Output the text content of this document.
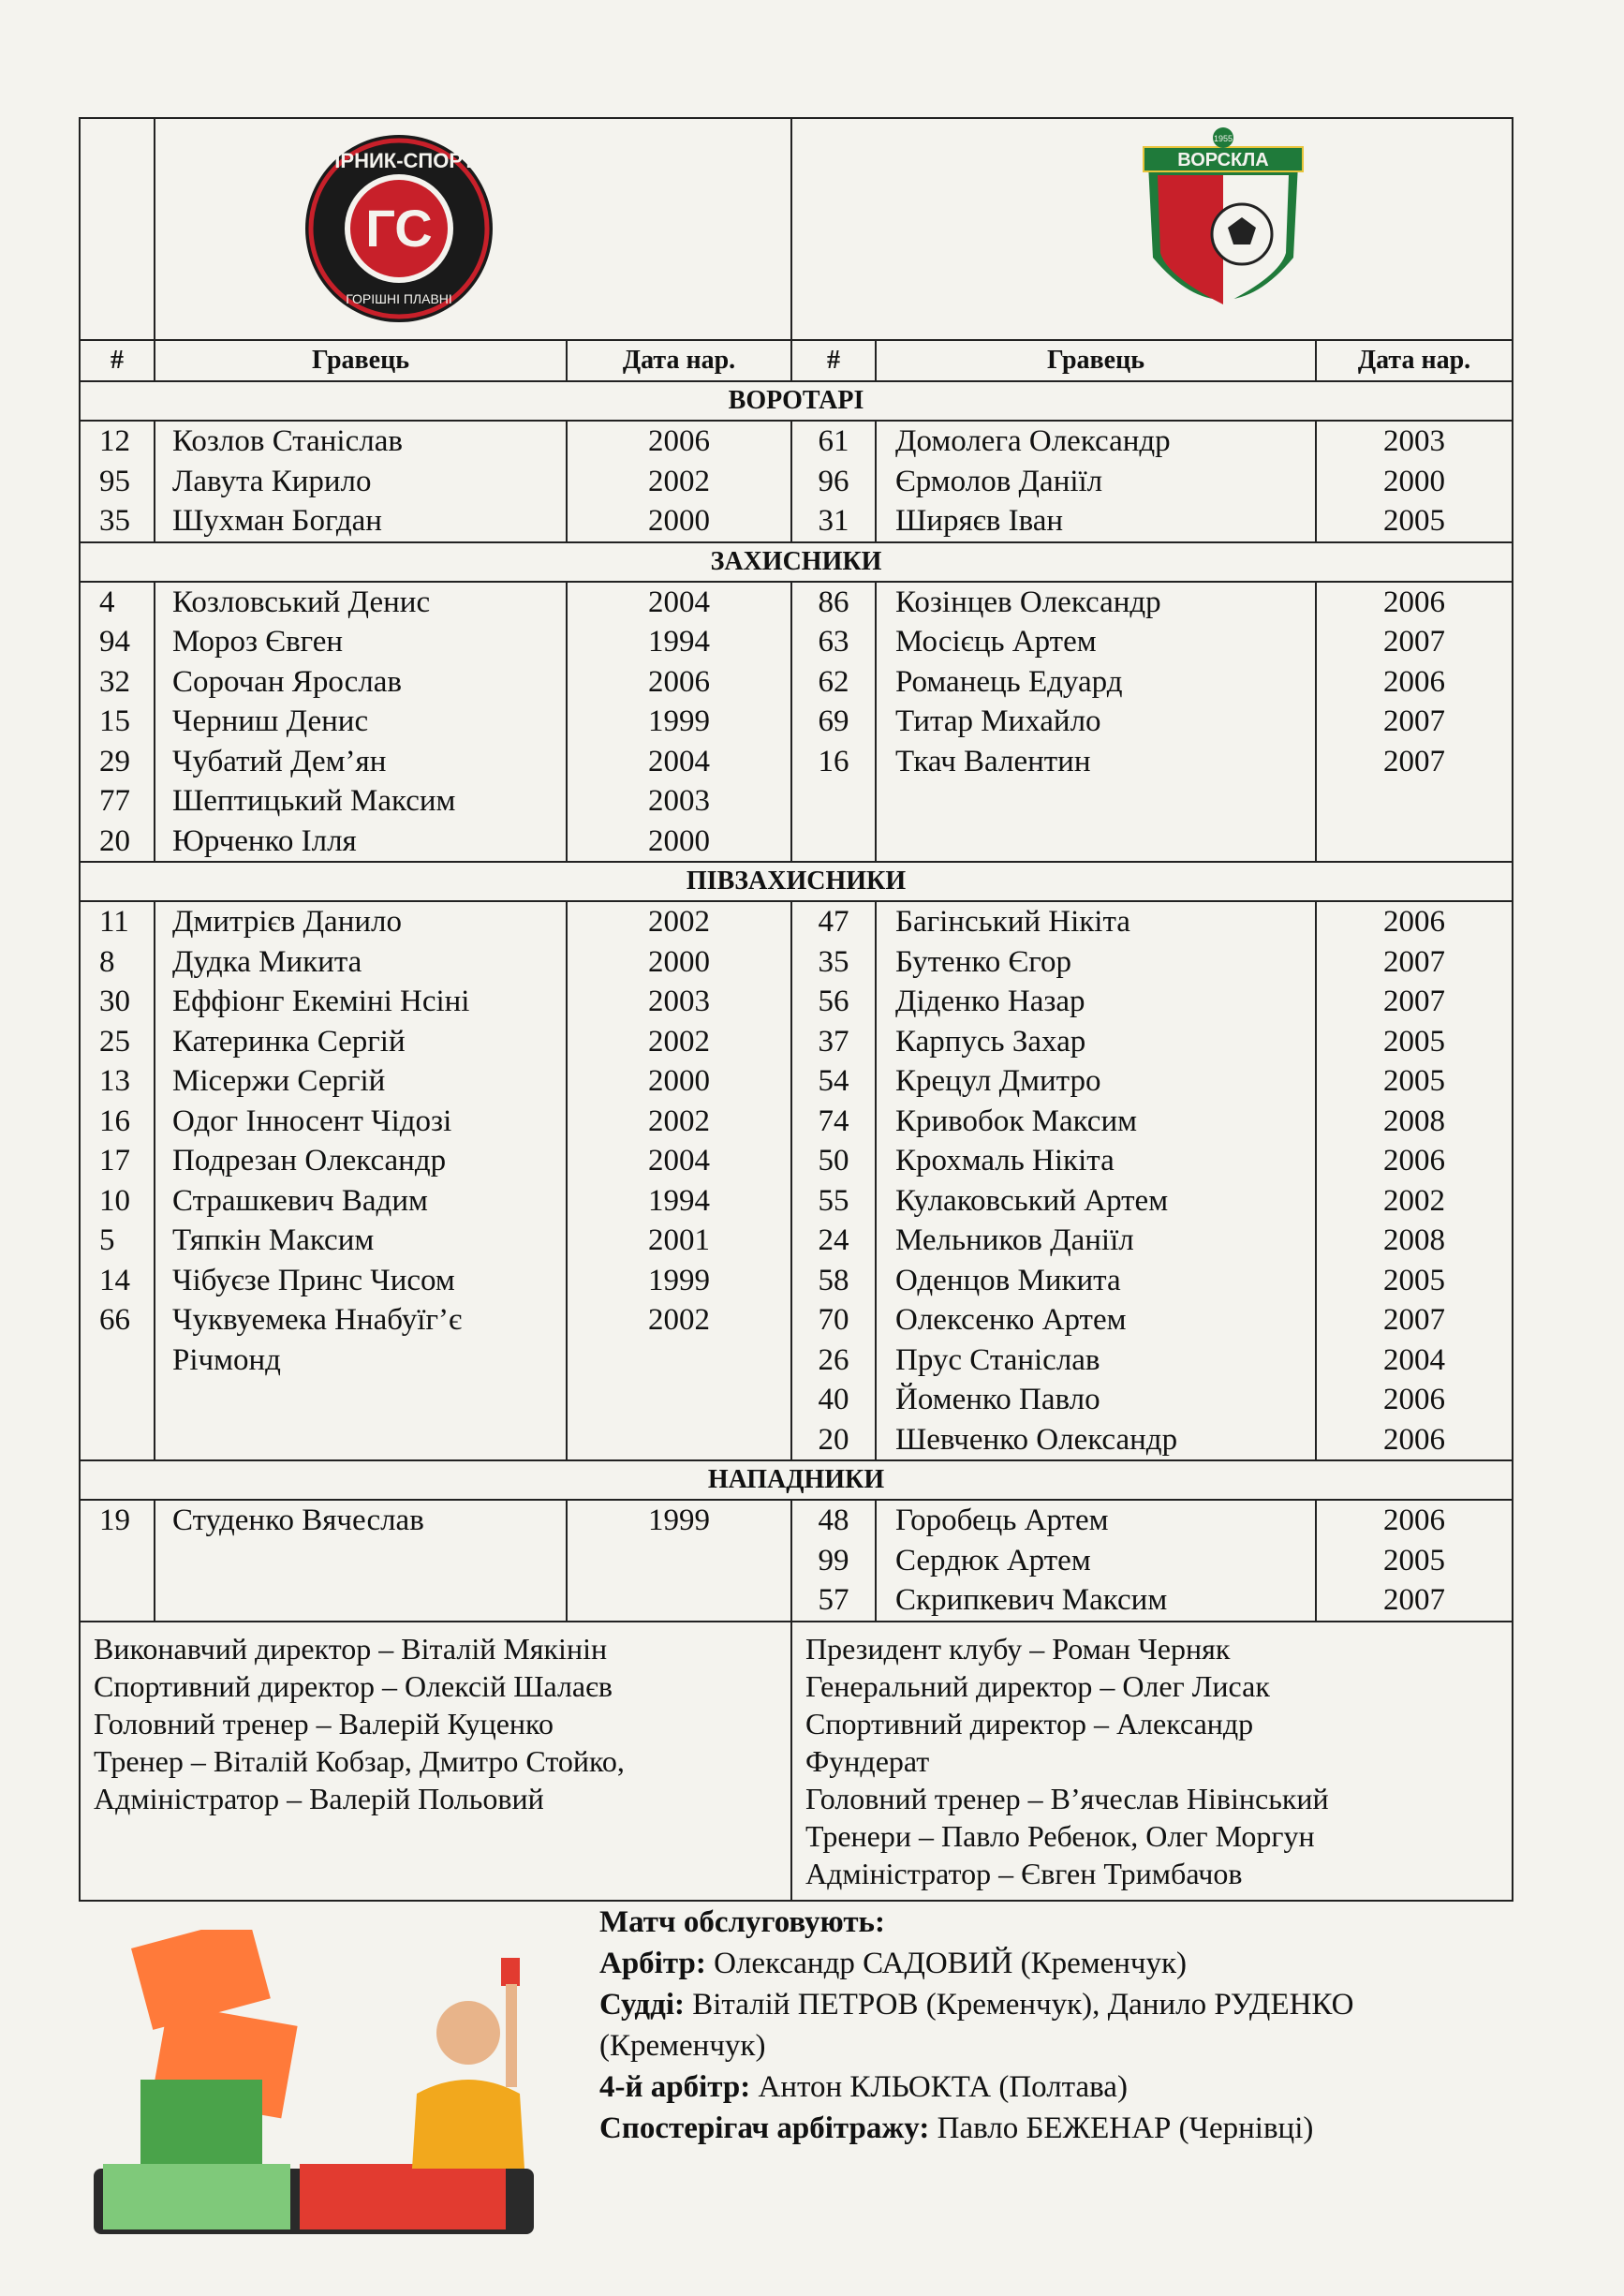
ГС
ГІРНИК-СПОРТ
ГОРІШНІ ПЛАВНІ		ВОРСКЛА
1955		

#	Гравець	Дата нар.	#	Гравець	Дата нар.
ВОРОТАРІ					
12	Козлов Станіслав	2006	61	Домолега Олександр	2003
95	Лавута Кирило	2002	96	Єрмолов Даніїл	2000
35	Шухман Богдан	2000	31	Ширяєв Іван	2005
ЗАХИСНИКИ					
4	Козловський Денис	2004	86	Козінцев Олександр	2006
94	Мороз Євген	1994	63	Мосієць Артем	2007
32	Сорочан Ярослав	2006	62	Романець Едуард	2006
15	Черниш Денис	1999	69	Титар Михайло	2007
29	Чубатий Дем’ян	2004	16	Ткач Валентин	2007
77	Шептицький Максим	2003			
20	Юрченко Ілля	2000			
ПІВЗАХИСНИКИ					
11	Дмитрієв Данило	2002	47	Багінський Нікіта	2006
8	Дудка Микита	2000	35	Бутенко Єгор	2007
30	Еффіонг Екеміні Нсіні	2003	56	Діденко Назар	2007
25	Катеринка Сергій	2002	37	Карпусь Захар	2005
13	Місержи Сергій	2000	54	Крецул Дмитро	2005
16	Одог Інносент Чідозі	2002	74	Кривобок Максим	2008
17	Подрезан Олександр	2004	50	Крохмаль Нікіта	2006
10	Страшкевич Вадим	1994	55	Кулаковський Артем	2002
5	Тяпкін Максим	2001	24	Мельников Даніїл	2008
14	Чібуєзе Принс Чисом	1999	58	Оденцов Микита	2005
66	Чуквуемека Ннабуїг’є	2002	70	Олексенко Артем	2007
	Річмонд		26	Прус Станіслав	2004
			40	Йоменко Павло	2006
			20	Шевченко Олександр	2006
НАПАДНИКИ					
19	Студенко Вячеслав	1999	48	Горобець Артем	2006
			99	Сердюк Артем	2005
			57	Скрипкевич Максим	2007
Виконавчий директор – Віталій Мякінін
Спортивний директор – Олексій Шалаєв
Головний тренер – Валерій Куценко
Тренер – Віталій Кобзар, Дмитро Стойко,
Адміністратор – Валерій Польовий

Президент клубу – Роман Черняк
Генеральний директор – Олег Лисак
Спортивний директор – Александр
Фундерат
Головний тренер – В’ячеслав Нівінський
Тренери – Павло Ребенок, Олег Моргун
Адміністратор – Євген Тримбачов
Матч обслуговують:
Арбітр: Олександр САДОВИЙ (Кременчук)
Судді: Віталій ПЕТРОВ (Кременчук), Данило РУДЕНКО
(Кременчук)
4-й арбітр: Антон КЛЬОКТА (Полтава)
Спостерігач арбітражу: Павло БЕЖЕНАР (Чернівці)
